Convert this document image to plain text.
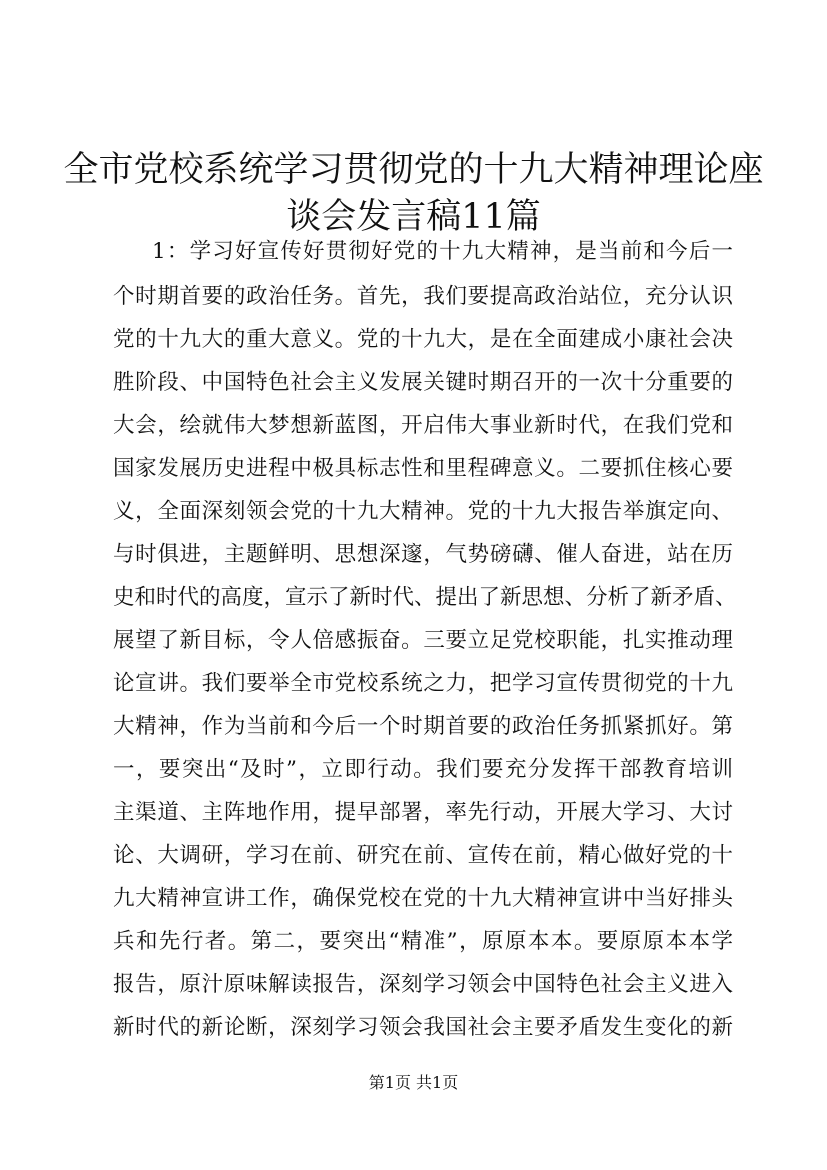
全市党校系统学习贯彻党的十九大精神理论座
谈会发言稿11篇
1：学习好宣传好贯彻好党的十九大精神，是当前和今后一
个时期首要的政治任务。首先，我们要提高政治站位，充分认识
党的十九大的重大意义。党的十九大，是在全面建成小康社会决
胜阶段、中国特色社会主义发展关键时期召开的一次十分重要的
大会，绘就伟大梦想新蓝图，开启伟大事业新时代，在我们党和
国家发展历史进程中极具标志性和里程碑意义。二要抓住核心要
义，全面深刻领会党的十九大精神。党的十九大报告举旗定向、
与时俱进，主题鲜明、思想深邃，气势磅礴、催人奋进，站在历
史和时代的高度，宣示了新时代、提出了新思想、分析了新矛盾、
展望了新目标，令人倍感振奋。三要立足党校职能，扎实推动理
论宣讲。我们要举全市党校系统之力，把学习宣传贯彻党的十九
大精神，作为当前和今后一个时期首要的政治任务抓紧抓好。第
一，要突出“及时”，立即行动。我们要充分发挥干部教育培训
主渠道、主阵地作用，提早部署，率先行动，开展大学习、大讨
论、大调研，学习在前、研究在前、宣传在前，精心做好党的十
九大精神宣讲工作，确保党校在党的十九大精神宣讲中当好排头
兵和先行者。第二，要突出“精准”，原原本本。要原原本本学
报告，原汁原味解读报告，深刻学习领会中国特色社会主义进入
新时代的新论断，深刻学习领会我国社会主要矛盾发生变化的新
第1页 共1页
